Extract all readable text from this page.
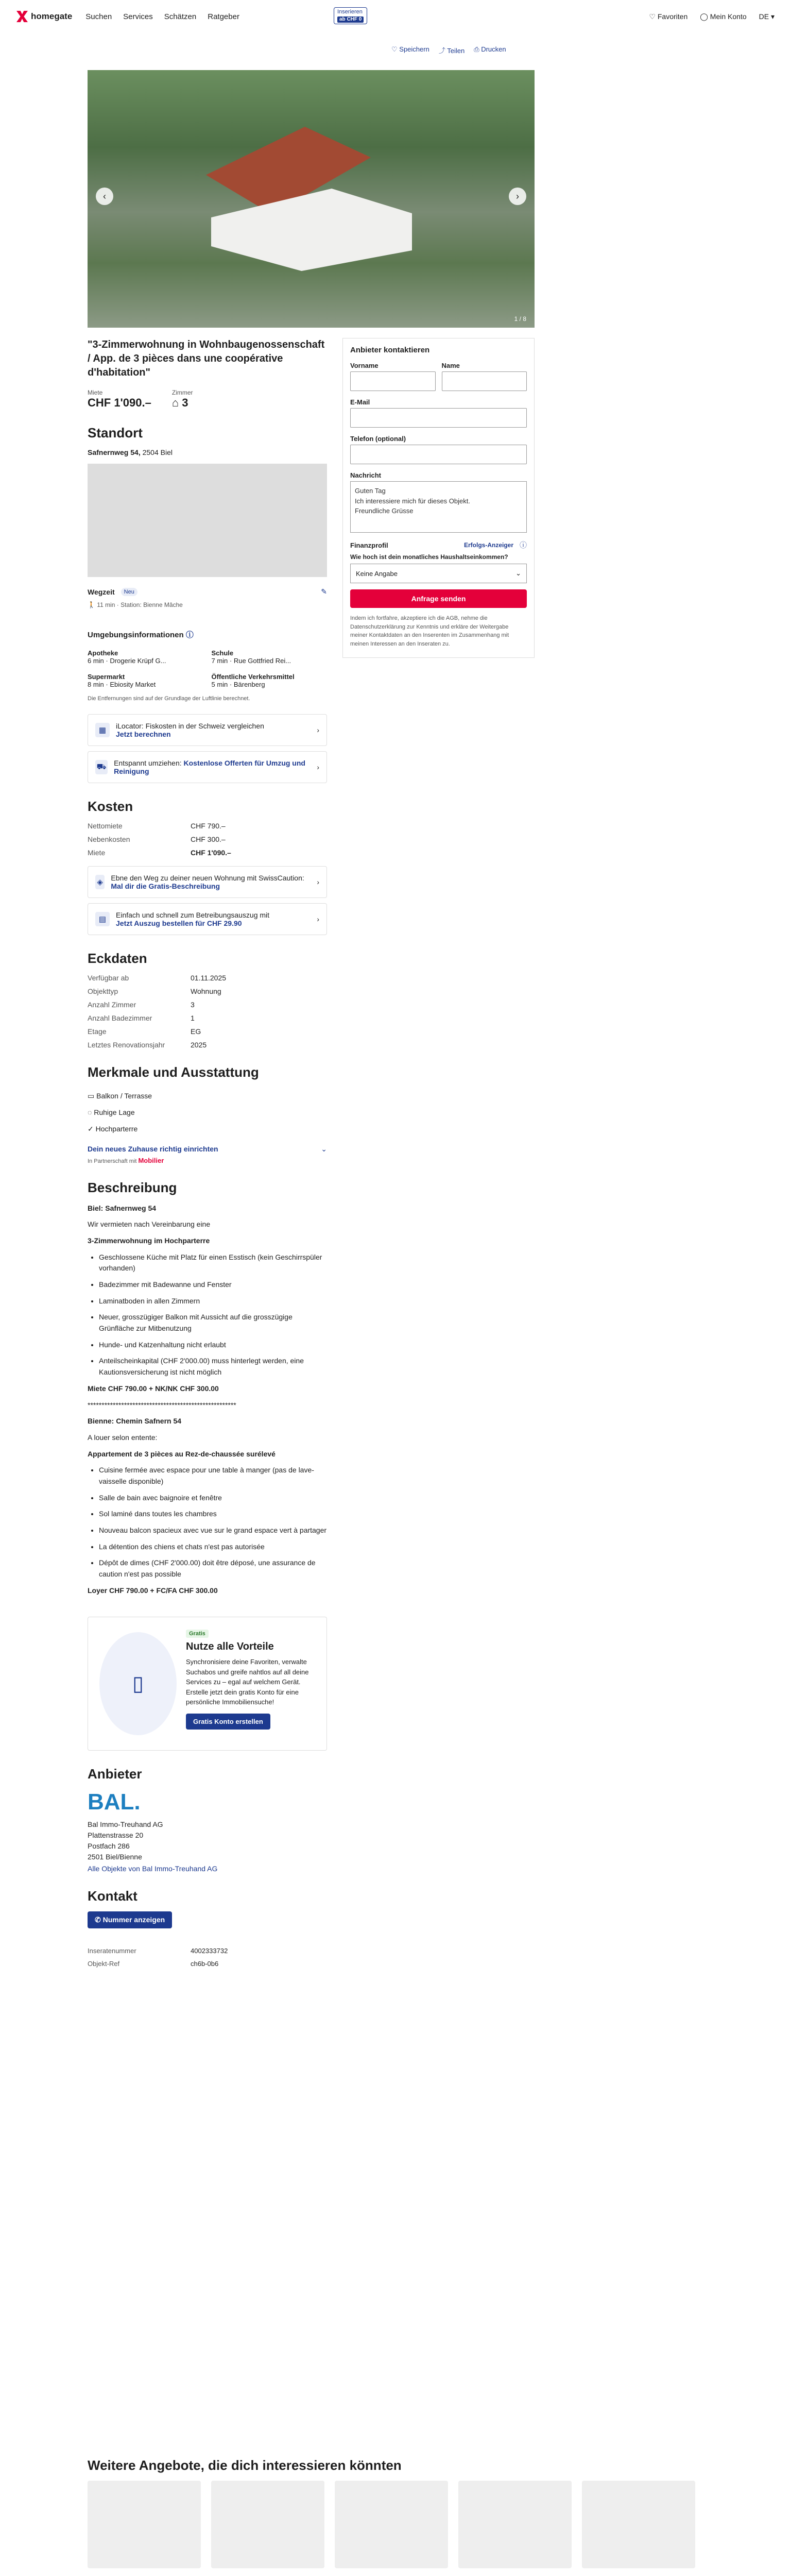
homegate Suchen Services Schätzen Ratgeber
Inserieren
ab CHF 0	♡ Favoriten ◯ Mein Konto DE ▾
♡ Speichern ⤴ Teilen ⎙ Drucken
‹	›
1 / 8
"3-Zimmerwohnung in Wohnbaugenossenschaft / App. de 3 pièces dans une coopérative d'habitation"
Miete
CHF 1'090.–
Zimmer
⌂ 3
Standort
Safnernweg 54, 2504 Biel
Wegzeit	Neu	✎
🚶 11 min · Station: Bienne Mâche
Umgebungsinformationen ⓘ
Apotheke
6 min · Drogerie Krüpf G...
Schule
7 min · Rue Gottfried Rei...
Supermarkt
8 min · Ebiosity Market
Öffentliche Verkehrsmittel
5 min · Bärenberg
Die Entfernungen sind auf der Grundlage der Luftlinie berechnet.
▦	iLocator: Fiskosten in der Schweiz vergleichen
Jetzt berechnen	›
⛟ Entspannt umziehen: Kostenlose Offerten für Umzug und Reinigung	›
Kosten
Nettomiete	CHF 790.–
Nebenkosten	CHF 300.–
Miete	CHF 1'090.–
◈ Ebne den Weg zu deiner neuen Wohnung mit SwissCaution: Mal dir die Gratis-Beschreibung	›
▤	Einfach und schnell zum Betreibungsauszug mit
Jetzt Auszug bestellen für CHF 29.90	›
Eckdaten
Verfügbar ab	01.11.2025
Objekttyp	Wohnung
Anzahl Zimmer	3
Anzahl Badezimmer	1
Etage	EG
Letztes Renovationsjahr	2025
Merkmale und Ausstattung
▭ Balkon / Terrasse
◌ Ruhige Lage
✓ Hochparterre
Dein neues Zuhause richtig einrichten	⌄
In Partnerschaft mit Mobilier
Beschreibung

Biel: Safnernweg 54

Wir vermieten nach Vereinbarung eine

3-Zimmerwohnung im Hochparterre

• Geschlossene Küche mit Platz für einen Esstisch (kein Geschirrspüler vorhanden)
• Badezimmer mit Badewanne und Fenster
• Laminatboden in allen Zimmern
• Neuer, grosszügiger Balkon mit Aussicht auf die grosszügige Grünfläche zur Mitbenutzung
• Hunde- und Katzenhaltung nicht erlaubt
• Anteilscheinkapital (CHF 2'000.00) muss hinterlegt werden, eine Kautionsversicherung ist nicht möglich

Miete CHF 790.00 + NK/NK CHF 300.00

*****************************************************

Bienne: Chemin Safnern 54

A louer selon entente:

Appartement de 3 pièces au Rez-de-chaussée surélevé

• Cuisine fermée avec espace pour une table à manger (pas de lave-vaisselle disponible)
• Salle de bain avec baignoire et fenêtre
• Sol laminé dans toutes les chambres
• Nouveau balcon spacieux avec vue sur le grand espace vert à partager
• La détention des chiens et chats n'est pas autorisée
• Dépôt de dimes (CHF 2'000.00) doit être déposé, une assurance de caution n'est pas possible

Loyer CHF 790.00 + FC/FA CHF 300.00

▯
Gratis
Nutze alle Vorteile
Synchronisiere deine Favoriten, verwalte Suchabos und greife nahtlos auf all deine Services zu – egal auf welchem Gerät. Erstelle jetzt dein gratis Konto für eine persönliche Immobiliensuche!
Gratis Konto erstellen
Anbieter
BAL.
Bal Immo-Treuhand AG
Plattenstrasse 20
Postfach 286
2501 Biel/Bienne
Alle Objekte von Bal Immo-Treuhand AG
Kontakt
✆ Nummer anzeigen
Inseratenummer	4002333732
Objekt-Ref	ch6b-0b6
Anbieter kontaktieren
Vorname	Name
E-Mail
Telefon (optional)
Nachricht
Guten Tag
Ich interessiere mich für dieses Objekt.
Freundliche Grüsse
Finanzprofil	Erfolgs-Anzeiger ⓘ
Wie hoch ist dein monatliches Haushaltseinkommen?
Keine Angabe	⌄
Anfrage senden
Indem ich fortfahre, akzeptiere ich die AGB, nehme die Datenschutzerklärung zur Kenntnis und erkläre der Weitergabe meiner Kontaktdaten an den Inserenten im Zusammenhang mit meinen Interessen an den Inseraten zu.
Weitere Angebote, die dich interessieren könnten
